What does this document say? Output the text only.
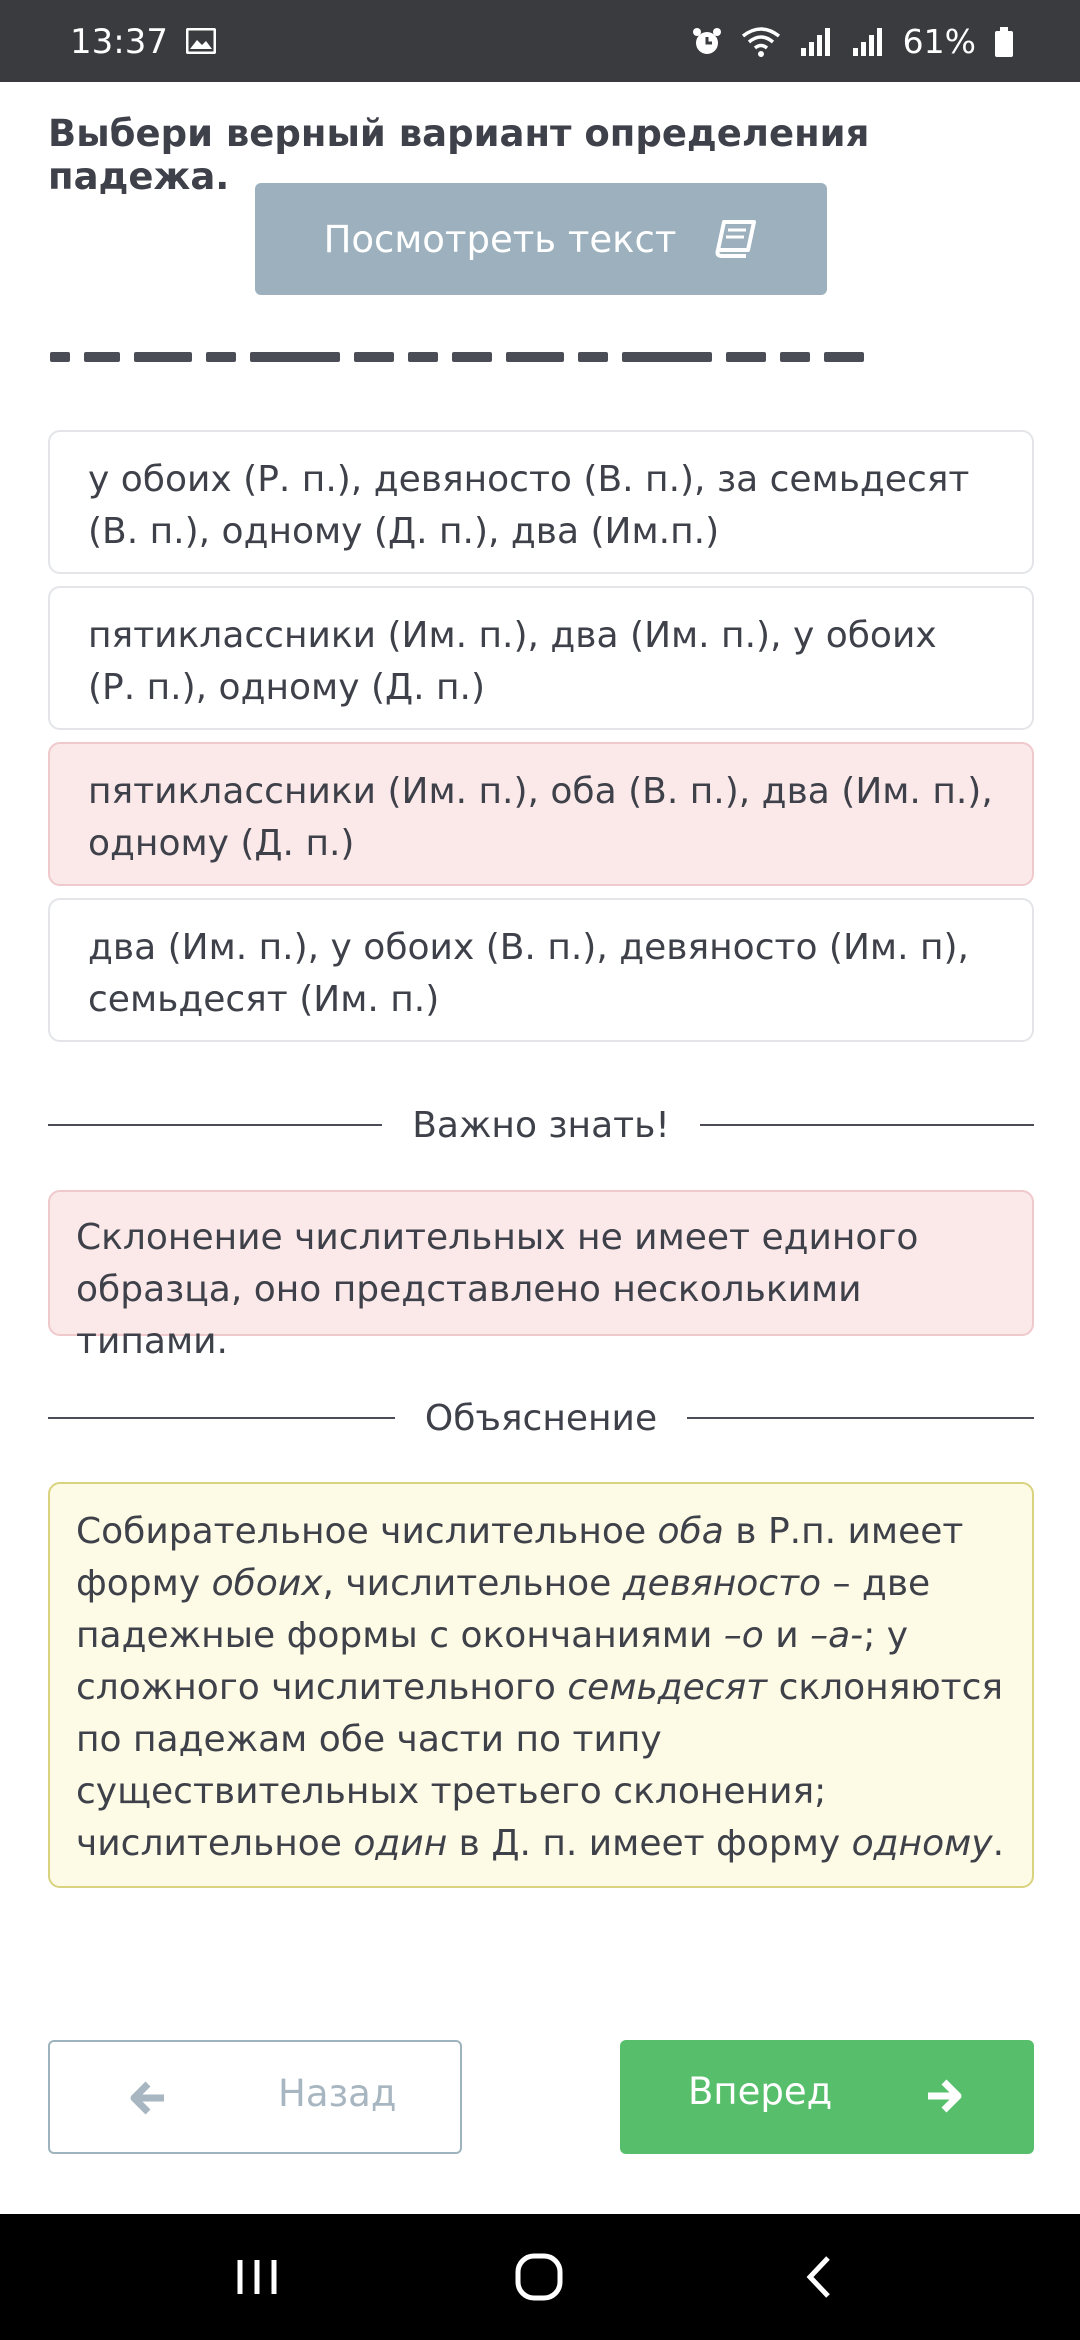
13:37	61%
Выбери верный вариант определения падежа.
Посмотреть текст
у обоих (Р. п.), девяносто (В. п.), за семьдесят (В. п.), одному (Д. п.), два (Им.п.)
пятиклассники (Им. п.), два (Им. п.), у обоих (Р. п.), одному (Д. п.)
пятиклассники (Им. п.), оба (В. п.), два (Им. п.), одному (Д. п.)
два (Им. п.), у обоих (В. п.), девяносто (Им. п), семьдесят (Им. п.)
Важно знать!
Склонение числительных не имеет единого образца, оно представлено несколькими типами.
Объяснение
Собирательное числительное оба в Р.п. имеет форму обоих, числительное девяносто – две падежные формы с окончаниями –о и –а-; у сложного числительного семьдесят склоняются по падежам обе части по типу существительных третьего склонения; числительное один в Д. п. имеет форму одному.
Назад	Вперед
